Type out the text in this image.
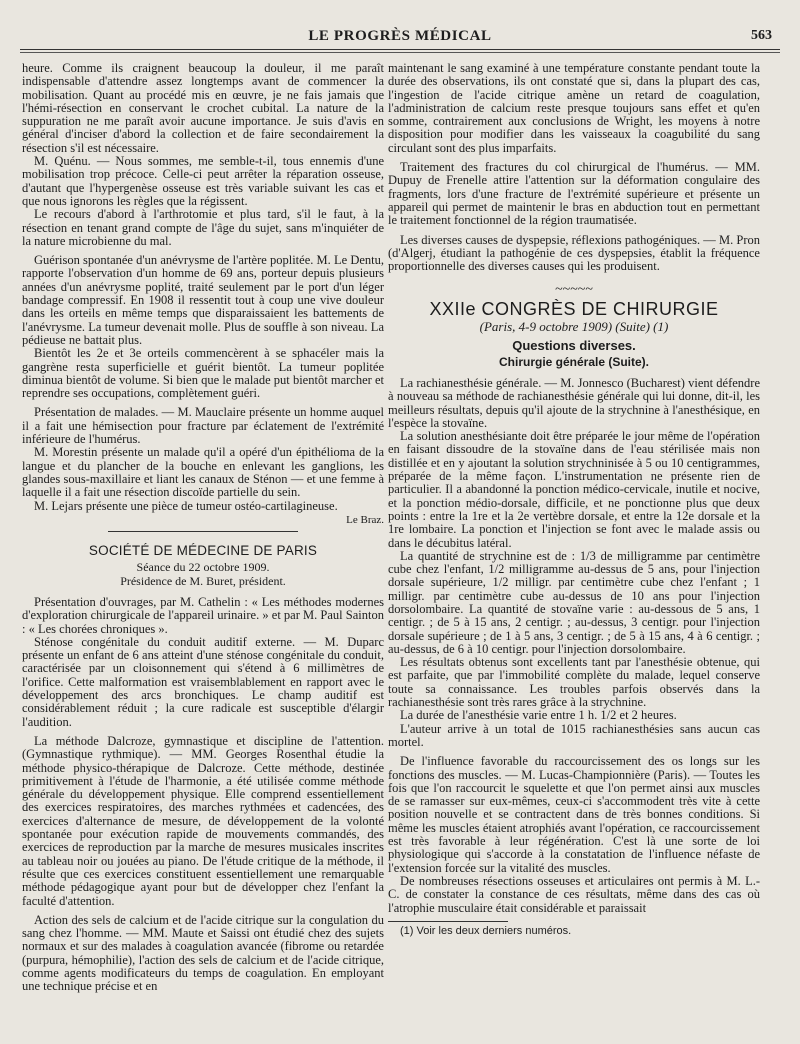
LE PROGRÈS MÉDICAL	563

heure. Comme ils craignent beaucoup la douleur, il me paraît indispensable d'attendre assez longtemps avant de commencer la mobilisation. Quant au procédé mis en œuvre, je ne fais jamais que l'hémi-résection en conservant le crochet cubital. La nature de la suppuration ne me paraît avoir aucune importance. Je suis d'avis en général d'inciser d'abord la collection et de faire secondairement la résection s'il est nécessaire.

M. Quénu. — Nous sommes, me semble-t-il, tous ennemis d'une mobilisation trop précoce. Celle-ci peut arrêter la réparation osseuse, d'autant que l'hypergenèse osseuse est très variable suivant les cas et que nous ignorons les règles que la régissent.

Le recours d'abord à l'arthrotomie et plus tard, s'il le faut, à la résection en tenant grand compte de l'âge du sujet, sans m'inquiéter de la nature microbienne du mal.

Guérison spontanée d'un anévrysme de l'artère poplitée. M. Le Dentu, rapporte l'observation d'un homme de 69 ans, porteur depuis plusieurs années d'un anévrysme poplité, traité seulement par le port d'un léger bandage compressif. En 1908 il ressentit tout à coup une vive douleur dans les orteils en même temps que disparaissaient les battements de l'anévrysme. La tumeur devenait molle. Plus de souffle à son niveau. La pédieuse ne battait plus.

Bientôt les 2e et 3e orteils commencèrent à se sphacéler mais la gangrène resta superficielle et guérit bientôt. La tumeur poplitée diminua bientôt de volume. Si bien que le malade put bientôt marcher et reprendre ses occupations, complètement guéri.

Présentation de malades. — M. Mauclaire présente un homme auquel il a fait une hémisection pour fracture par éclatement de l'extrémité inférieure de l'humérus.

M. Morestin présente un malade qu'il a opéré d'un épithélioma de la langue et du plancher de la bouche en enlevant les ganglions, les glandes sous-maxillaire et liant les canaux de Sténon — et une femme à laquelle il a fait une résection discoïde partielle du sein.

M. Lejars présente une pièce de tumeur ostéo-cartilagineuse.

Le Braz.
SOCIÉTÉ DE MÉDECINE DE PARIS
Séance du 22 octobre 1909.
Présidence de M. Buret, président.

Présentation d'ouvrages, par M. Cathelin : « Les méthodes modernes d'exploration chirurgicale de l'appareil urinaire. » et par M. Paul Sainton : « Les chorées chroniques ».

Sténose congénitale du conduit auditif externe. — M. Duparc présente un enfant de 6 ans atteint d'une sténose congénitale du conduit, caractérisée par un cloisonnement qui s'étend à 6 millimètres de l'orifice. Cette malformation est vraisemblablement en rapport avec le développement des arcs bronchiques. Le champ auditif est considérablement réduit ; la cure radicale est susceptible d'élargir l'audition.

La méthode Dalcroze, gymnastique et discipline de l'attention. (Gymnastique rythmique). — MM. Georges Rosenthal étudie la méthode physico-thérapique de Dalcroze. Cette méthode, destinée primitivement à l'étude de l'harmonie, a été utilisée comme méthode générale du développement physique. Elle comprend essentiellement des exercices respiratoires, des marches rythmées et cadencées, des exercices d'alternance de mesure, de développement de la volonté spontanée pour exécution rapide de mouvements commandés, des exercices de reproduction par la marche de mesures musicales inscrites au tableau noir ou jouées au piano. De l'étude critique de la méthode, il résulte que ces exercices constituent essentiellement une remarquable méthode pédagogique ayant pour but de développer chez l'enfant la faculté d'attention.

Action des sels de calcium et de l'acide citrique sur la congulation du sang chez l'homme. — MM. Maute et Saissi ont étudié chez des sujets normaux et sur des malades à coagulation avancée (fibrome ou retardée (purpura, hémophilie), l'action des sels de calcium et de l'acide citrique, comme agents modificateurs du temps de coagulation. En employant une technique précise et en

maintenant le sang examiné à une température constante pendant toute la durée des observations, ils ont constaté que si, dans la plupart des cas, l'ingestion de l'acide citrique amène un retard de coagulation, l'administration de calcium reste presque toujours sans effet et qu'en somme, contrairement aux conclusions de Wright, les moyens à notre disposition pour modifier dans les vaisseaux la coagubilité du sang circulant sont des plus imparfaits.

Traitement des fractures du col chirurgical de l'humérus. — MM. Dupuy de Frenelle attire l'attention sur la déformation congulaire des fragments, lors d'une fracture de l'extrémité supérieure et présente un appareil qui permet de maintenir le bras en abduction tout en permettant le traitement fonctionnel de la région traumatisée.

Les diverses causes de dyspepsie, réflexions pathogéniques. — M. Pron (d'Algerj, étudiant la pathogénie de ces dyspepsies, établit la fréquence proportionnelle des diverses causes qui les produisent.

~~~~~
XXIIe CONGRÈS DE CHIRURGIE
(Paris, 4-9 octobre 1909) (Suite) (1)
Questions diverses.
Chirurgie générale (Suite).

La rachianesthésie générale. — M. Jonnesco (Bucharest) vient défendre à nouveau sa méthode de rachianesthésie générale qui lui donne, dit-il, les meilleurs résultats, depuis qu'il ajoute de la strychnine à l'anesthésique, en l'espèce la stovaïne.

La solution anesthésiante doit être préparée le jour même de l'opération en faisant dissoudre de la stovaïne dans de l'eau stérilisée mais non distillée et en y ajoutant la solution strychninisée à 5 ou 10 centigrammes, préparée de la même façon. L'instrumentation ne présente rien de particulier. Il a abandonné la ponction médico-cervicale, inutile et nocive, et la ponction médio-dorsale, difficile, et ne ponctionne plus que deux points : entre la 1re et la 2e vertèbre dorsale, et entre la 12e dorsale et la 1re lombaire. La ponction et l'injection se font avec le malade assis ou dans le décubitus latéral.

La quantité de strychnine est de : 1/3 de milligramme par centimètre cube chez l'enfant, 1/2 milligramme au-dessus de 5 ans, pour l'injection dorsale supérieure, 1/2 milligr. par centimètre cube chez l'enfant ; 1 milligr. par centimètre cube au-dessus de 10 ans pour l'injection dorsolombaire. La quantité de stovaïne varie : au-dessous de 5 ans, 1 centigr. ; de 5 à 15 ans, 2 centigr. ; au-dessus, 3 centigr. pour l'injection dorsale supérieure ; de 1 à 5 ans, 3 centigr. ; de 5 à 15 ans, 4 à 6 centigr. ; au-dessus, de 6 à 10 centigr. pour l'injection dorsolombaire.

Les résultats obtenus sont excellents tant par l'anesthésie obtenue, qui est parfaite, que par l'immobilité complète du malade, lequel conserve toute sa connaissance. Les troubles parfois observés dans la rachianesthésie sont très rares grâce à la strychnine.

La durée de l'anesthésie varie entre 1 h. 1/2 et 2 heures.

L'auteur arrive à un total de 1015 rachianesthésies sans aucun cas mortel.

De l'influence favorable du raccourcissement des os longs sur les fonctions des muscles. — M. Lucas-Championnière (Paris). — Toutes les fois que l'on raccourcit le squelette et que l'on permet ainsi aux muscles de se ramasser sur eux-mêmes, ceux-ci s'accommodent très vite à cette position nouvelle et se contractent dans de très bonnes conditions. Si même les muscles étaient atrophiés avant l'opération, ce raccourcissement est très favorable à leur régénération. C'est là une sorte de loi physiologique qui s'accorde à la constatation de l'influence néfaste de l'extension forcée sur la vitalité des muscles.

De nombreuses résections osseuses et articulaires ont permis à M. L.- C. de constater la constance de ces résultats, même dans des cas où l'atrophie musculaire était considérable et paraissait

(1) Voir les deux derniers numéros.
